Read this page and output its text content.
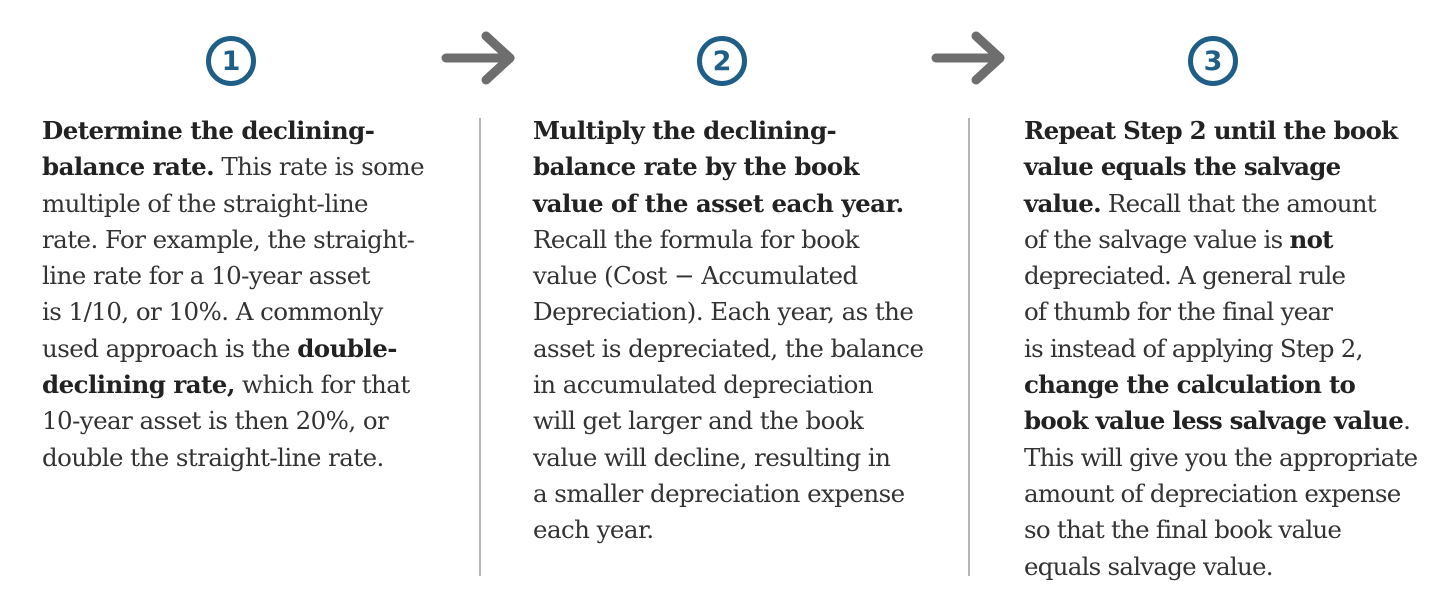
1	2	3
Determine the declining-
balance rate. This rate is some
multiple of the straight-line
rate. For example, the straight-
line rate for a 10-year asset
is 1/10, or 10%. A commonly
used approach is the double-
declining rate, which for that
10-year asset is then 20%, or
double the straight-line rate.
Multiply the declining-
balance rate by the book
value of the asset each year.
Recall the formula for book
value (Cost − Accumulated
Depreciation). Each year, as the
asset is depreciated, the balance
in accumulated depreciation
will get larger and the book
value will decline, resulting in
a smaller depreciation expense
each year.
Repeat Step 2 until the book
value equals the salvage
value. Recall that the amount
of the salvage value is not
depreciated. A general rule
of thumb for the final year
is instead of applying Step 2,
change the calculation to
book value less salvage value.
This will give you the appropriate
amount of depreciation expense
so that the final book value
equals salvage value.
